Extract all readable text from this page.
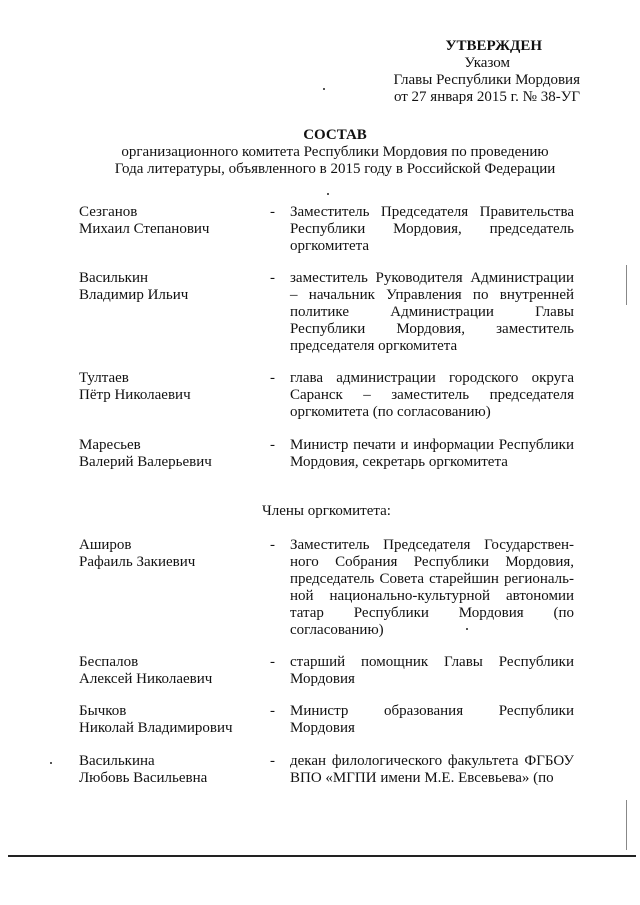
УТВЕРЖДЕН
Указом
Главы Республики Мордовия
от 27 января 2015 г. № 38-УГ
СОСТАВ
организационного комитета Республики Мордовия по проведению
Года литературы, объявленного в 2015 году в Российской Федерации
Сезганов
Михаил Степанович
- Заместитель Председателя Правительства
Республики Мордовия, председатель
оргкомитета
Василькин
Владимир Ильич
- заместитель Руководителя Администрации
– начальник Управления по внутренней
политике Администрации Главы
Республики Мордовия, заместитель
председателя оргкомитета
Тултаев
Пётр Николаевич
- глава администрации городского округа
Саранск – заместитель председателя
оргкомитета (по согласованию)
Маресьев
Валерий Валерьевич
- Министр печати и информации Республики
Мордовия, секретарь оргкомитета
Члены оргкомитета:
Аширов
Рафаиль Закиевич
- Заместитель Председателя Государствен-
ного Собрания Республики Мордовия,
председатель Совета старейшин региональ-
ной национально-культурной автономии
татар Республики Мордовия (по
согласованию)
Беспалов
Алексей Николаевич
- старший помощник Главы Республики
Мордовия
Бычков
Николай Владимирович
- Министр образования Республики
Мордовия
Василькина
Любовь Васильевна
- декан филологического факультета ФГБОУ
ВПО «МГПИ имени М.Е. Евсевьева» (по
